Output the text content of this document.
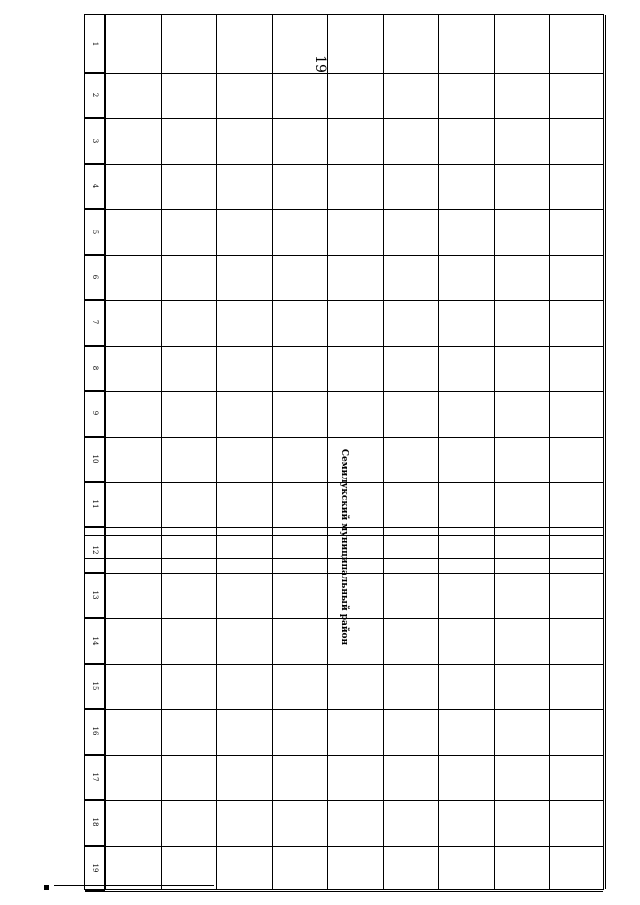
19
Семилукский муниципальный район
1
2
3
4
5
6
7
8
9
10
11
12
13
14
15
16
17
18
19
